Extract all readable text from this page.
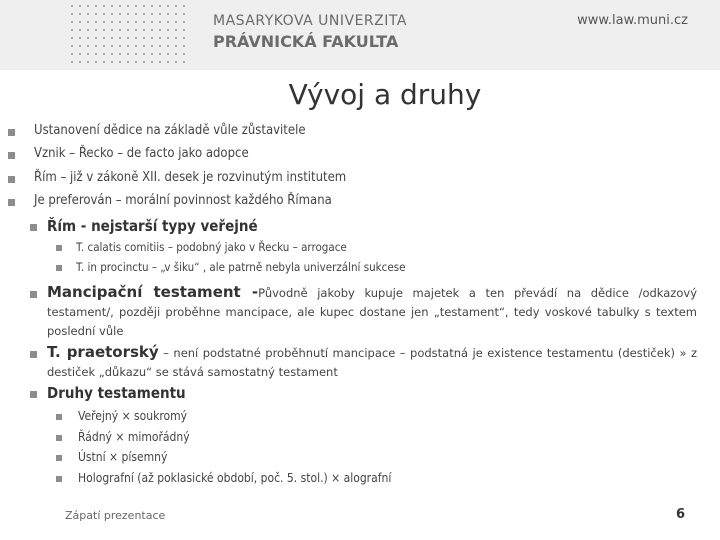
MASARYKOVA UNIVERZITA
PRÁVNICKÁ FAKULTA
www.law.muni.cz
Vývoj a druhy
Ustanovení dědice na základě vůle zůstavitele
Vznik – Řecko – de facto jako adopce
Řím – již v zákoně XII. desek je rozvinutým institutem
Je preferován – morální povinnost každého Římana
Řím - nejstarší typy veřejné
T. calatis comitiis – podobný jako v Řecku – arrogace
T. in procinctu – „v šiku“ , ale patrně nebyla univerzální sukcese
Mancipační testament -Původně jakoby kupuje majetek a ten převádí na dědice /odkazový testament/, později proběhne mancipace, ale kupec dostane jen „testament“, tedy voskové tabulky s textem poslední vůle
T. praetorský – není podstatné proběhnutí mancipace – podstatná je existence testamentu (destiček) » z destiček „důkazu“ se stává samostatný testament
Druhy testamentu
Veřejný × soukromý
Řádný × mimořádný
Ústní × písemný
Holografní (až poklasické období, poč. 5. stol.) × alografní
Zápatí prezentace	6
